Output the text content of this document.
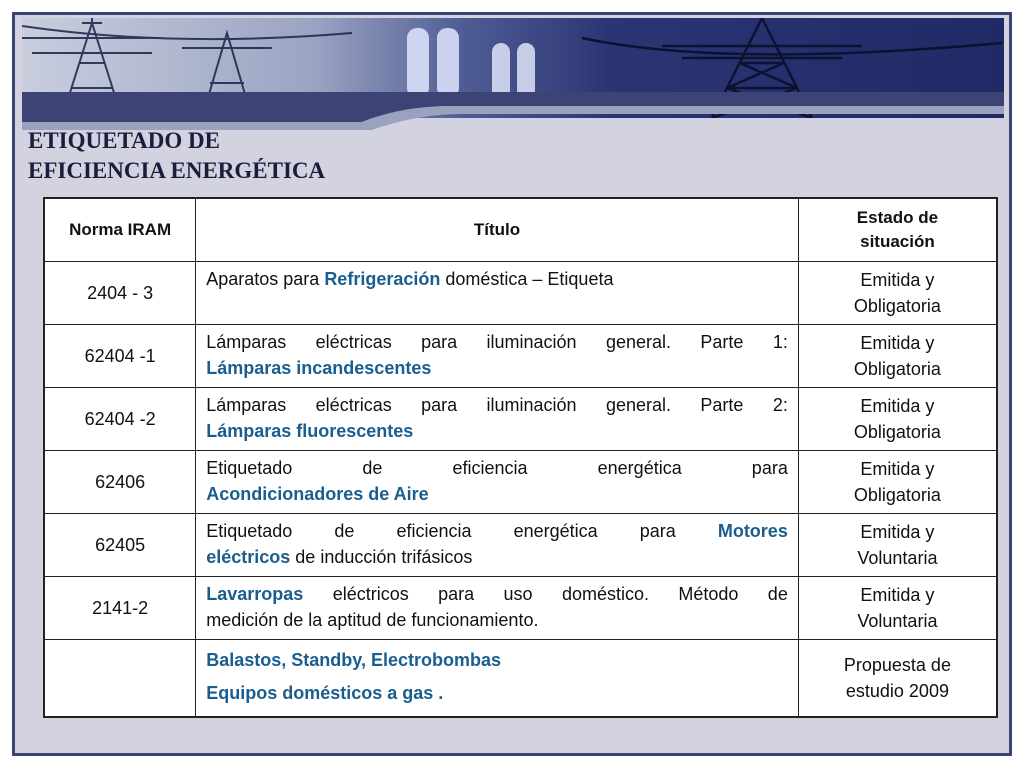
ETIQUETADO DE
EFICIENCIA ENERGÉTICA
Norma IRAM	Título	Estado de
situación
2404 - 3	Aparatos para Refrigeración doméstica – Etiqueta	Emitida y
Obligatoria
62404 -1	Lámparas eléctricas para iluminación general. Parte 1:
Lámparas incandescentes	Emitida y
Obligatoria
62404 -2	Lámparas eléctricas para iluminación general. Parte 2:
Lámparas fluorescentes	Emitida y
Obligatoria
62406	Etiquetado de eficiencia energética para
Acondicionadores de Aire	Emitida y
Obligatoria
62405	Etiquetado de eficiencia energética para Motores
eléctricos de inducción trifásicos	Emitida y
Voluntaria
2141-2	Lavarropas eléctricos para uso doméstico. Método de
medición de la aptitud de funcionamiento.	Emitida y
Voluntaria
	Balastos, Standby, Electrobombas
Equipos domésticos a gas .	Propuesta de
estudio 2009
